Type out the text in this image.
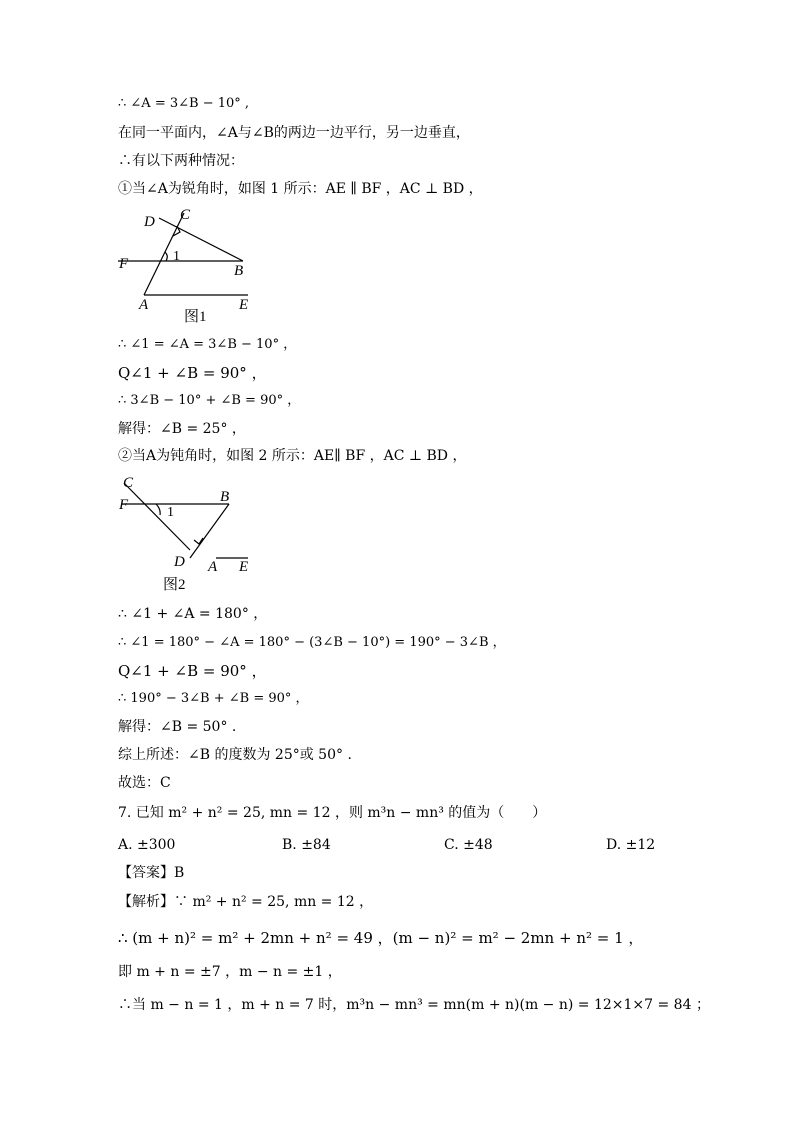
∴ ∠A = 3∠B − 10° ,
在同一平面内，∠A与∠B的两边一边平行，另一边垂直，
∴有以下两种情况：
①当∠A为锐角时，如图 1 所示：AE ∥ BF ，AC ⊥ BD ，
D C
F	1
B
A	E
图1
∴ ∠1 = ∠A = 3∠B − 10° ，
Q∠1 + ∠B = 90° ，
∴ 3∠B − 10° + ∠B = 90° ，
解得：∠B = 25° ，
②当A为钝角时，如图 2 所示：AE∥ BF ，AC ⊥ BD ，
C
F	B
1
D A E
图2
∴ ∠1 + ∠A = 180° ，
∴ ∠1 = 180° − ∠A = 180° − (3∠B − 10°) = 190° − 3∠B ，
Q∠1 + ∠B = 90° ，
∴ 190° − 3∠B + ∠B = 90° ，
解得：∠B = 50° .
综上所述：∠B 的度数为 25°或 50° .
故选：C
7. 已知 m² + n² = 25, mn = 12 ，则 m³n − mn³ 的值为（　　）
A. ±300	B. ±84	C. ±48	D. ±12
【答案】B
【解析】∵ m² + n² = 25, mn = 12 ，
∴ (m + n)² = m² + 2mn + n² = 49 ，(m − n)² = m² − 2mn + n² = 1 ，
即 m + n = ±7 ，m − n = ±1 ，
∴当 m − n = 1 ，m + n = 7 时，m³n − mn³ = mn(m + n)(m − n) = 12×1×7 = 84 ；
